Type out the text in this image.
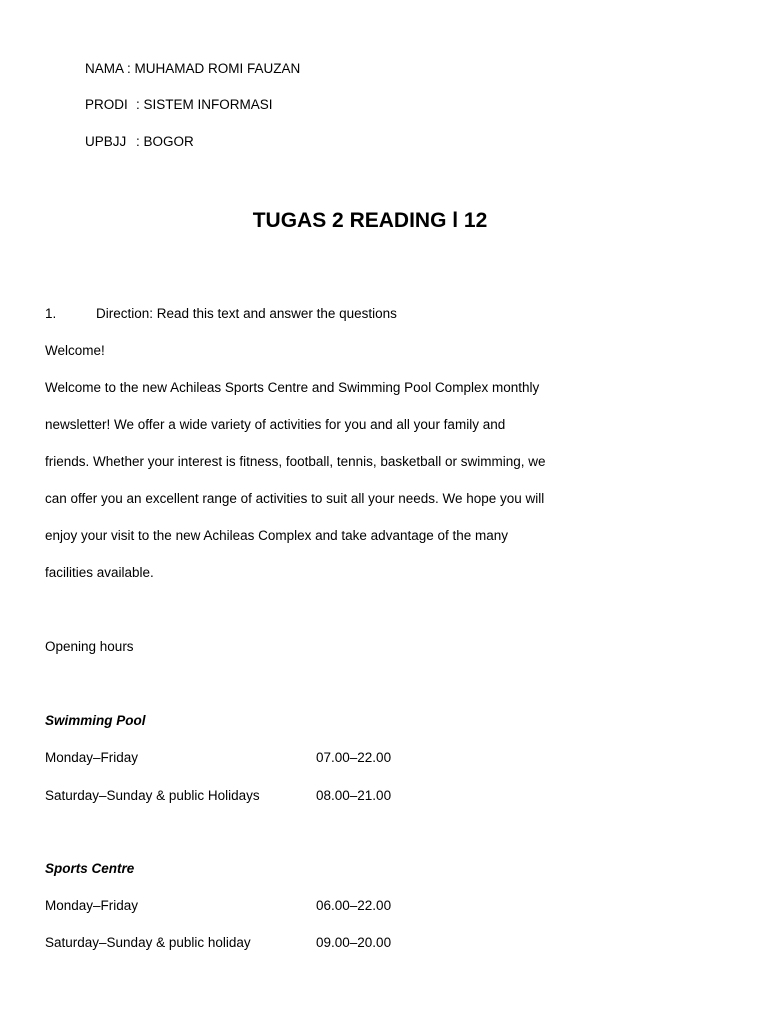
NAMA : MUHAMAD ROMI FAUZAN
PRODI : SISTEM INFORMASI
UPBJJ : BOGOR
TUGAS 2 READING l 12
1.	Direction: Read this text and answer the questions
Welcome!
Welcome to the new Achileas Sports Centre and Swimming Pool Complex monthly
newsletter! We offer a wide variety of activities for you and all your family and
friends. Whether your interest is fitness, football, tennis, basketball or swimming, we
can offer you an excellent range of activities to suit all your needs. We hope you will
enjoy your visit to the new Achileas Complex and take advantage of the many
facilities available.
Opening hours
Swimming Pool
Monday–Friday	07.00–22.00
Saturday–Sunday & public Holidays	08.00–21.00
Sports Centre
Monday–Friday	06.00–22.00
Saturday–Sunday & public holiday	09.00–20.00
